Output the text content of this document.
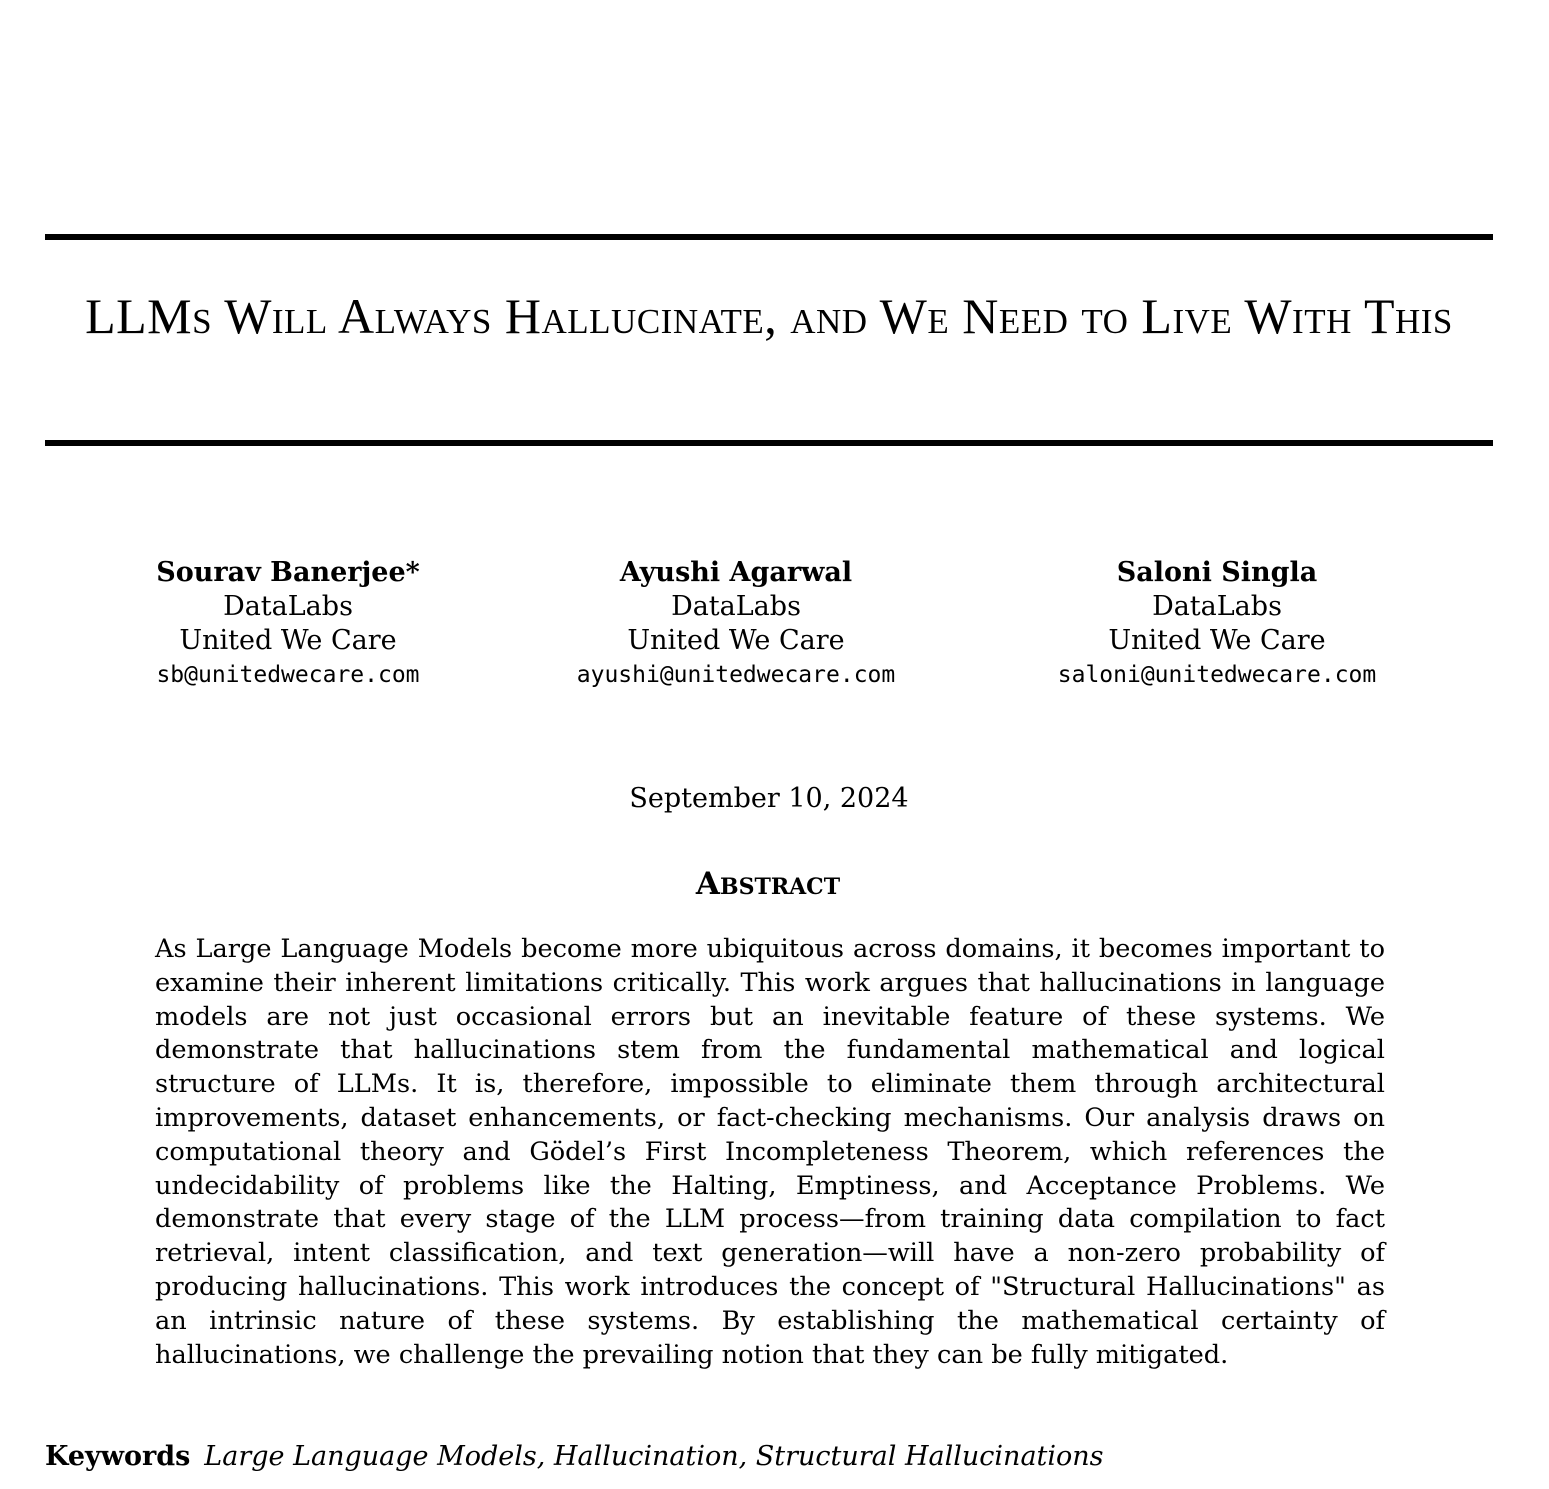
LLMs Will Always Hallucinate, and We Need to Live With This
Sourav Banerjee*
DataLabs
United We Care
sb@unitedwecare.com
Ayushi Agarwal
DataLabs
United We Care
ayushi@unitedwecare.com
Saloni Singla
DataLabs
United We Care
saloni@unitedwecare.com
September 10, 2024
Abstract

As Large Language Models become more ubiquitous across domains, it becomes important to examine their inherent limitations critically. This work argues that hallucinations in language models are not just occasional errors but an inevitable feature of these systems. We demonstrate that hallucinations stem from the fundamental mathematical and logical structure of LLMs. It is, therefore, impossible to eliminate them through architectural improvements, dataset enhancements, or fact-checking mechanisms. Our analysis draws on computational theory and Gödel’s First Incompleteness Theorem, which references the undecidability of problems like the Halting, Emptiness, and Acceptance Problems. We demonstrate that every stage of the LLM process—from training data compilation to fact retrieval, intent classification, and text generation—will have a non-zero probability of producing hallucinations. This work introduces the concept of "Structural Hallucinations" as an intrinsic nature of these systems. By establishing the mathematical certainty of hallucinations, we challenge the prevailing notion that they can be fully mitigated.

Keywords Large Language Models, Hallucination, Structural Hallucinations
